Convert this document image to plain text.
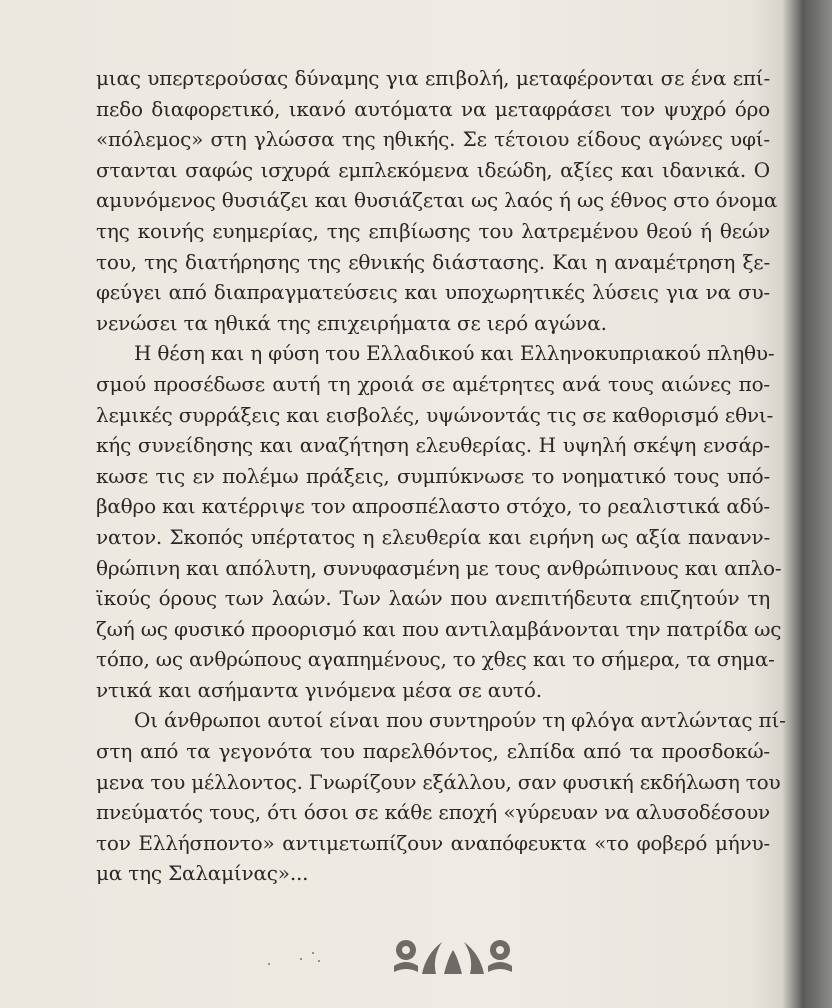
μιας υπερτερούσας δύναμης για επιβολή, μεταφέρονται σε ένα επί-
πεδο διαφορετικό, ικανό αυτόματα να μεταφράσει τον ψυχρό όρο
«πόλεμος» στη γλώσσα της ηθικής. Σε τέτοιου είδους αγώνες υφί-
στανται σαφώς ισχυρά εμπλεκόμενα ιδεώδη, αξίες και ιδανικά. Ο
αμυνόμενος θυσιάζει και θυσιάζεται ως λαός ή ως έθνος στο όνομα
της κοινής ευημερίας, της επιβίωσης του λατρεμένου θεού ή θεών
του, της διατήρησης της εθνικής διάστασης. Και η αναμέτρηση ξε-
φεύγει από διαπραγματεύσεις και υποχωρητικές λύσεις για να συ-
νενώσει τα ηθικά της επιχειρήματα σε ιερό αγώνα.
Η θέση και η φύση του Ελλαδικού και Ελληνοκυπριακού πληθυ-
σμού προσέδωσε αυτή τη χροιά σε αμέτρητες ανά τους αιώνες πο-
λεμικές συρράξεις και εισβολές, υψώνοντάς τις σε καθορισμό εθνι-
κής συνείδησης και αναζήτηση ελευθερίας. Η υψηλή σκέψη ενσάρ-
κωσε τις εν πολέμω πράξεις, συμπύκνωσε το νοηματικό τους υπό-
βαθρο και κατέρριψε τον απροσπέλαστο στόχο, το ρεαλιστικά αδύ-
νατον. Σκοπός υπέρτατος η ελευθερία και ειρήνη ως αξία πανανν-
θρώπινη και απόλυτη, συνυφασμένη με τους ανθρώπινους και απλο-
ϊκούς όρους των λαών. Των λαών που ανεπιτήδευτα επιζητούν τη
ζωή ως φυσικό προορισμό και που αντιλαμβάνονται την πατρίδα ως
τόπο, ως ανθρώπους αγαπημένους, το χθες και το σήμερα, τα σημα-
ντικά και ασήμαντα γινόμενα μέσα σε αυτό.
Οι άνθρωποι αυτοί είναι που συντηρούν τη φλόγα αντλώντας πί-
στη από τα γεγονότα του παρελθόντος, ελπίδα από τα προσδοκώ-
μενα του μέλλοντος. Γνωρίζουν εξάλλου, σαν φυσική εκδήλωση του
πνεύματός τους, ότι όσοι σε κάθε εποχή «γύρευαν να αλυσοδέσουν
τον Ελλήσποντο» αντιμετωπίζουν αναπόφευκτα «το φοβερό μήνυ-
μα της Σαλαμίνας»...
